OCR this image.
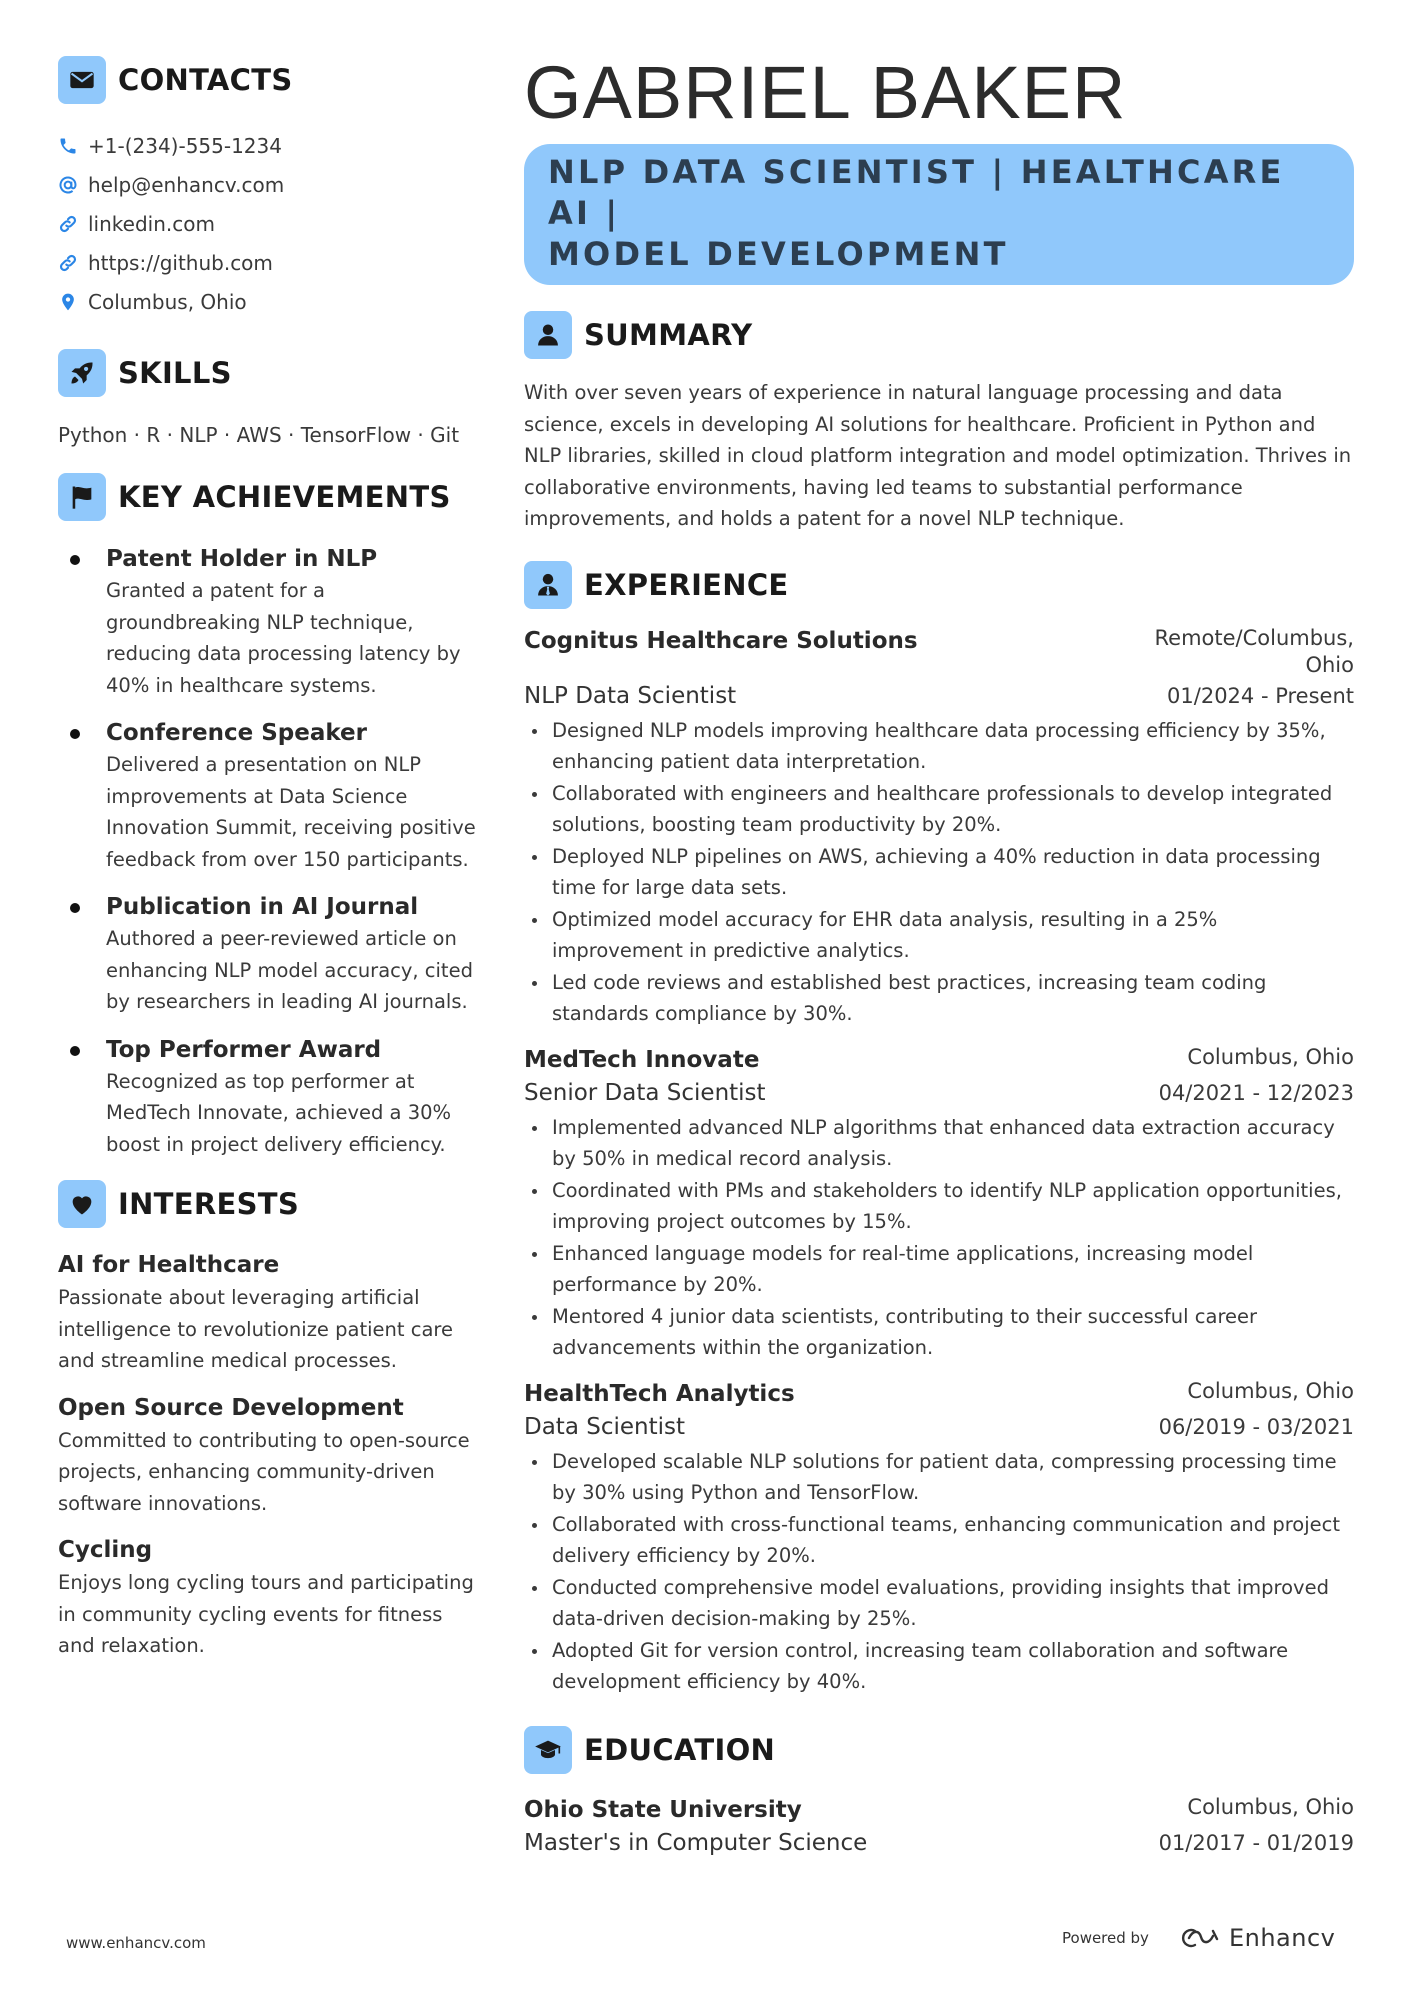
CONTACTS
+1-(234)-555-1234
help@enhancv.com
linkedin.com
https://github.com
Columbus, Ohio
SKILLS
Python · R · NLP · AWS · TensorFlow · Git
KEY ACHIEVEMENTS
Patent Holder in NLP
Granted a patent for a groundbreaking NLP technique, reducing data processing latency by 40% in healthcare systems.
Conference Speaker
Delivered a presentation on NLP improvements at Data Science Innovation Summit, receiving positive feedback from over 150 participants.
Publication in AI Journal
Authored a peer-reviewed article on enhancing NLP model accuracy, cited by researchers in leading AI journals.
Top Performer Award
Recognized as top performer at MedTech Innovate, achieved a 30% boost in project delivery efficiency.
INTERESTS
AI for Healthcare
Passionate about leveraging artificial intelligence to revolutionize patient care and streamline medical processes.
Open Source Development
Committed to contributing to open-source projects, enhancing community-driven software innovations.
Cycling
Enjoys long cycling tours and participating in community cycling events for fitness and relaxation.
GABRIEL BAKER
NLP DATA SCIENTIST | HEALTHCARE AI |
MODEL DEVELOPMENT
SUMMARY
With over seven years of experience in natural language processing and data science, excels in developing AI solutions for healthcare. Proficient in Python and NLP libraries, skilled in cloud platform integration and model optimization. Thrives in collaborative environments, having led teams to substantial performance improvements, and holds a patent for a novel NLP technique.
EXPERIENCE
Cognitus Healthcare Solutions	Remote/Columbus,
Ohio
NLP Data Scientist	01/2024 - Present
Designed NLP models improving healthcare data processing efficiency by 35%, enhancing patient data interpretation.
Collaborated with engineers and healthcare professionals to develop integrated solutions, boosting team productivity by 20%.
Deployed NLP pipelines on AWS, achieving a 40% reduction in data processing time for large data sets.
Optimized model accuracy for EHR data analysis, resulting in a 25% improvement in predictive analytics.
Led code reviews and established best practices, increasing team coding standards compliance by 30%.
MedTech Innovate	Columbus, Ohio
Senior Data Scientist	04/2021 - 12/2023
Implemented advanced NLP algorithms that enhanced data extraction accuracy by 50% in medical record analysis.
Coordinated with PMs and stakeholders to identify NLP application opportunities, improving project outcomes by 15%.
Enhanced language models for real-time applications, increasing model performance by 20%.
Mentored 4 junior data scientists, contributing to their successful career advancements within the organization.
HealthTech Analytics	Columbus, Ohio
Data Scientist	06/2019 - 03/2021
Developed scalable NLP solutions for patient data, compressing processing time by 30% using Python and TensorFlow.
Collaborated with cross-functional teams, enhancing communication and project delivery efficiency by 20%.
Conducted comprehensive model evaluations, providing insights that improved data-driven decision-making by 25%.
Adopted Git for version control, increasing team collaboration and software development efficiency by 40%.
EDUCATION
Ohio State University	Columbus, Ohio
Master's in Computer Science	01/2017 - 01/2019
www.enhancv.com	Powered by	Enhancv
